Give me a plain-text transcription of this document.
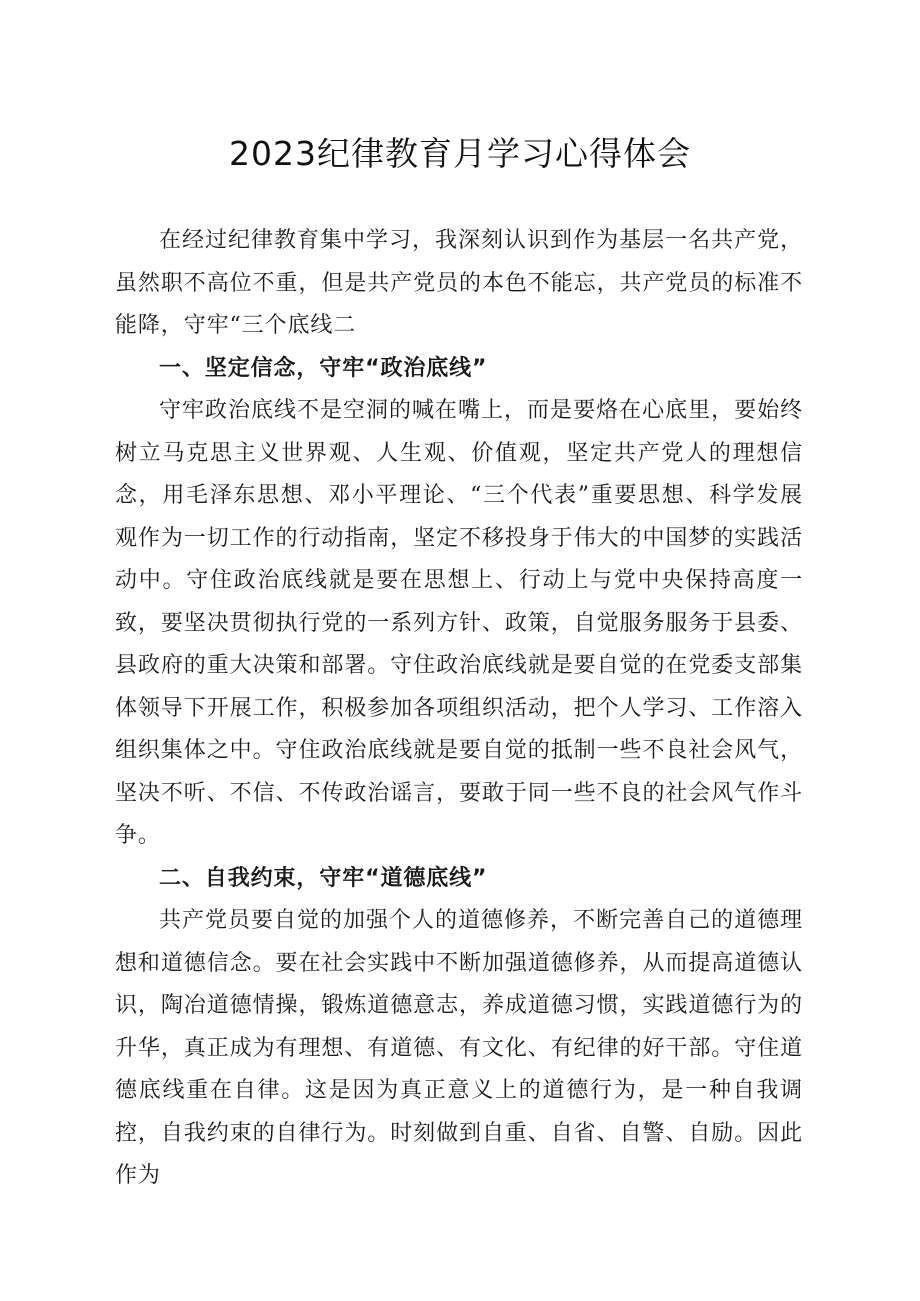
2023纪律教育月学习心得体会

在经过纪律教育集中学习，我深刻认识到作为基层一名共产党，虽然职不高位不重，但是共产党员的本色不能忘，共产党员的标准不能降，守牢“三个底线二

一、坚定信念，守牢“政治底线”

守牢政治底线不是空洞的喊在嘴上，而是要烙在心底里，要始终树立马克思主义世界观、人生观、价值观，坚定共产党人的理想信念，用毛泽东思想、邓小平理论、“三个代表”重要思想、科学发展观作为一切工作的行动指南，坚定不移投身于伟大的中国梦的实践活动中。守住政治底线就是要在思想上、行动上与党中央保持高度一致，要坚决贯彻执行党的一系列方针、政策，自觉服务服务于县委、县政府的重大决策和部署。守住政治底线就是要自觉的在党委支部集体领导下开展工作，积极参加各项组织活动，把个人学习、工作溶入组织集体之中。守住政治底线就是要自觉的抵制一些不良社会风气，坚决不听、不信、不传政治谣言，要敢于同一些不良的社会风气作斗争。

二、自我约束，守牢“道德底线”

共产党员要自觉的加强个人的道德修养，不断完善自己的道德理想和道德信念。要在社会实践中不断加强道德修养，从而提高道德认识，陶冶道德情操，锻炼道德意志，养成道德习惯，实践道德行为的升华，真正成为有理想、有道德、有文化、有纪律的好干部。守住道德底线重在自律。这是因为真正意义上的道德行为，是一种自我调控，自我约束的自律行为。时刻做到自重、自省、自警、自励。因此作为
